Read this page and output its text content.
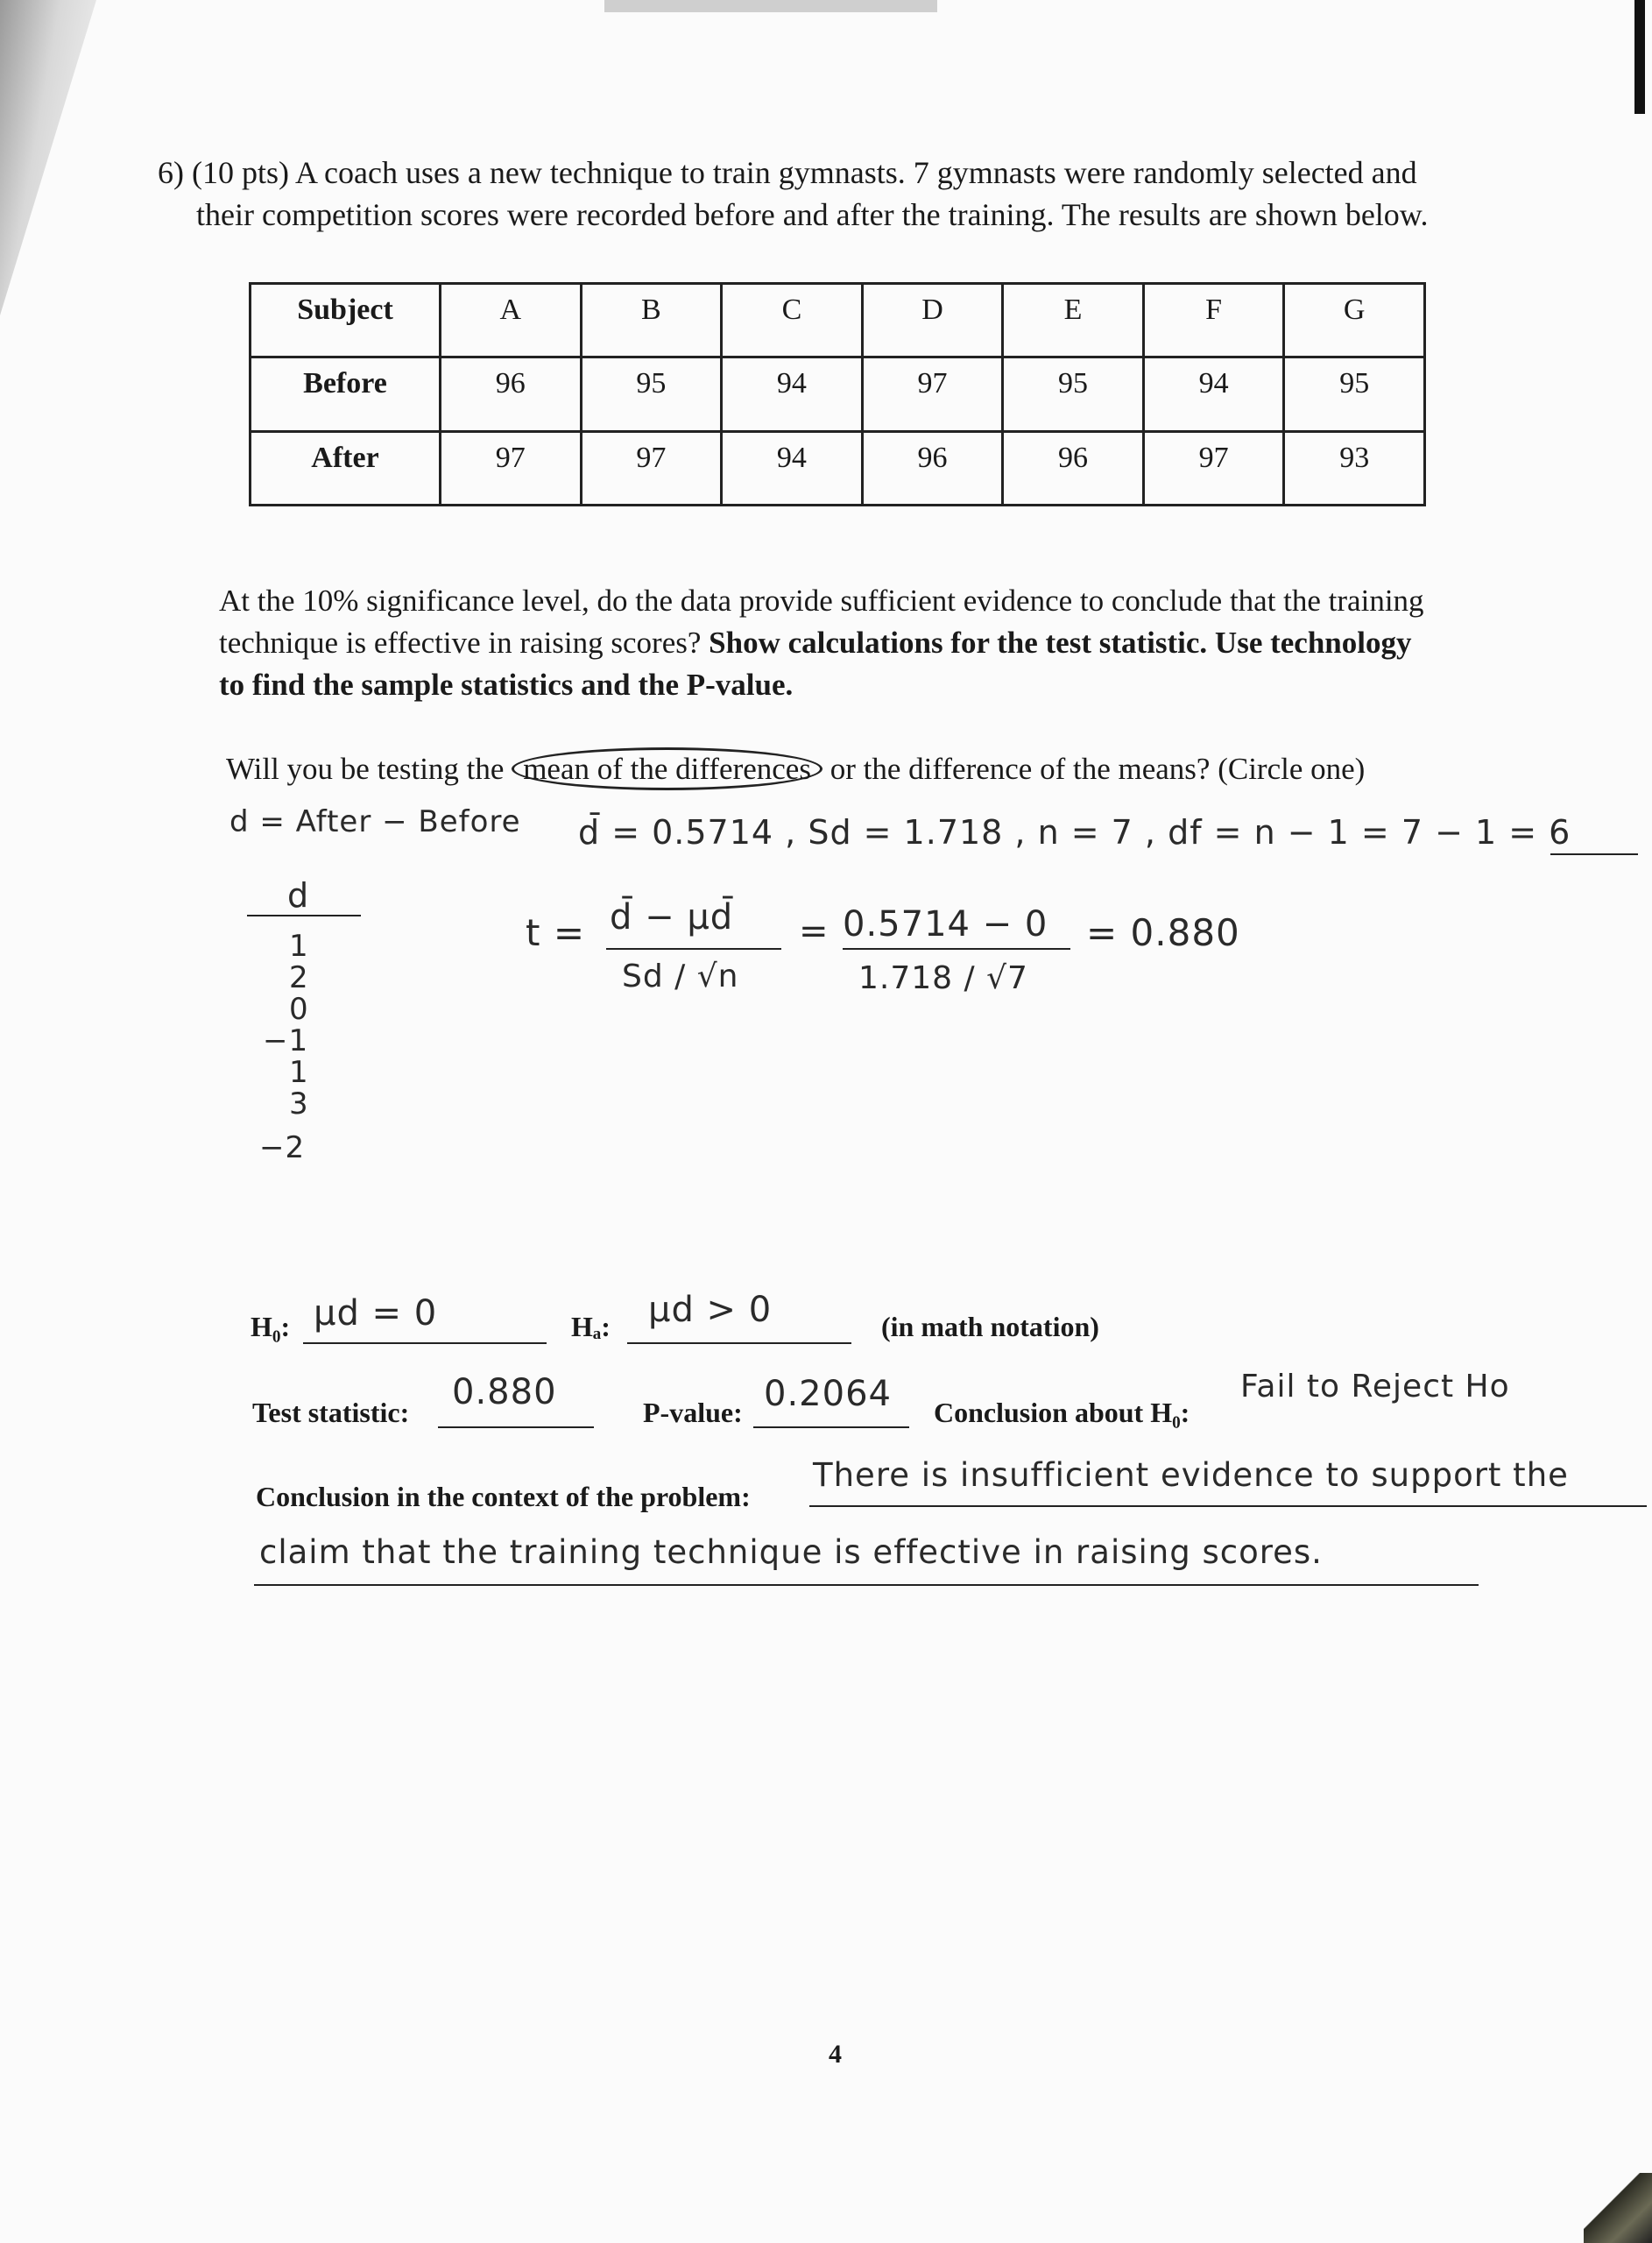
6) (10 pts) A coach uses a new technique to train gymnasts. 7 gymnasts were randomly selected and
their competition scores were recorded before and after the training. The results are shown below.
Subject	A	B	C	D	E	F	G
Before	96	95	94	97	95	94	95
After	97	97	94	96	96	97	93
At the 10% significance level, do the data provide sufficient evidence to conclude that the training
technique is effective in raising scores? Show calculations for the test statistic. Use technology
to find the sample statistics and the P-value.
Will you be testing the mean of the differences or the difference of the means? (Circle one)
d = After − Before d̄ = 0.5714 , Sd = 1.718 , n = 7 , df = n − 1 = 7 − 1 = 6
d
1
2
0
−1
1
3
−2
t = d̄ − μd̄
Sd / √n
= 0.5714 − 0
1.718 / √7
= 0.880
H₀: μd = 0	Hₐ: μd > 0	(in math notation)
Test statistic: 0.880	P-value: 0.2064 Conclusion about H₀:
Fail to Reject Ho
Conclusion in the context of the problem:
There is insufficient evidence to support the
claim that the training technique is effective in raising scores.
4
